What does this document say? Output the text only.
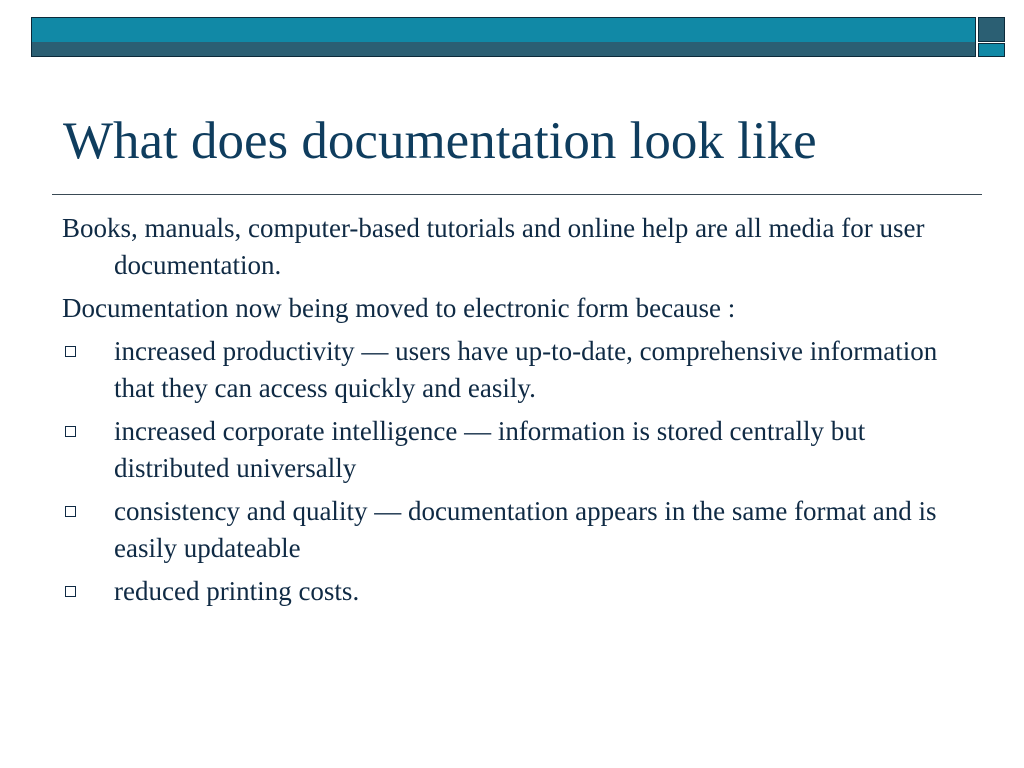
What does documentation look like

Books, manuals, computer-based tutorials and online help are all media for user documentation.

Documentation now being moved to electronic form because :

increased productivity — users have up-to-date, comprehensive information that they can access quickly and easily.
increased corporate intelligence — information is stored centrally but distributed universally
consistency and quality — documentation appears in the same format and is easily updateable
reduced printing costs.
